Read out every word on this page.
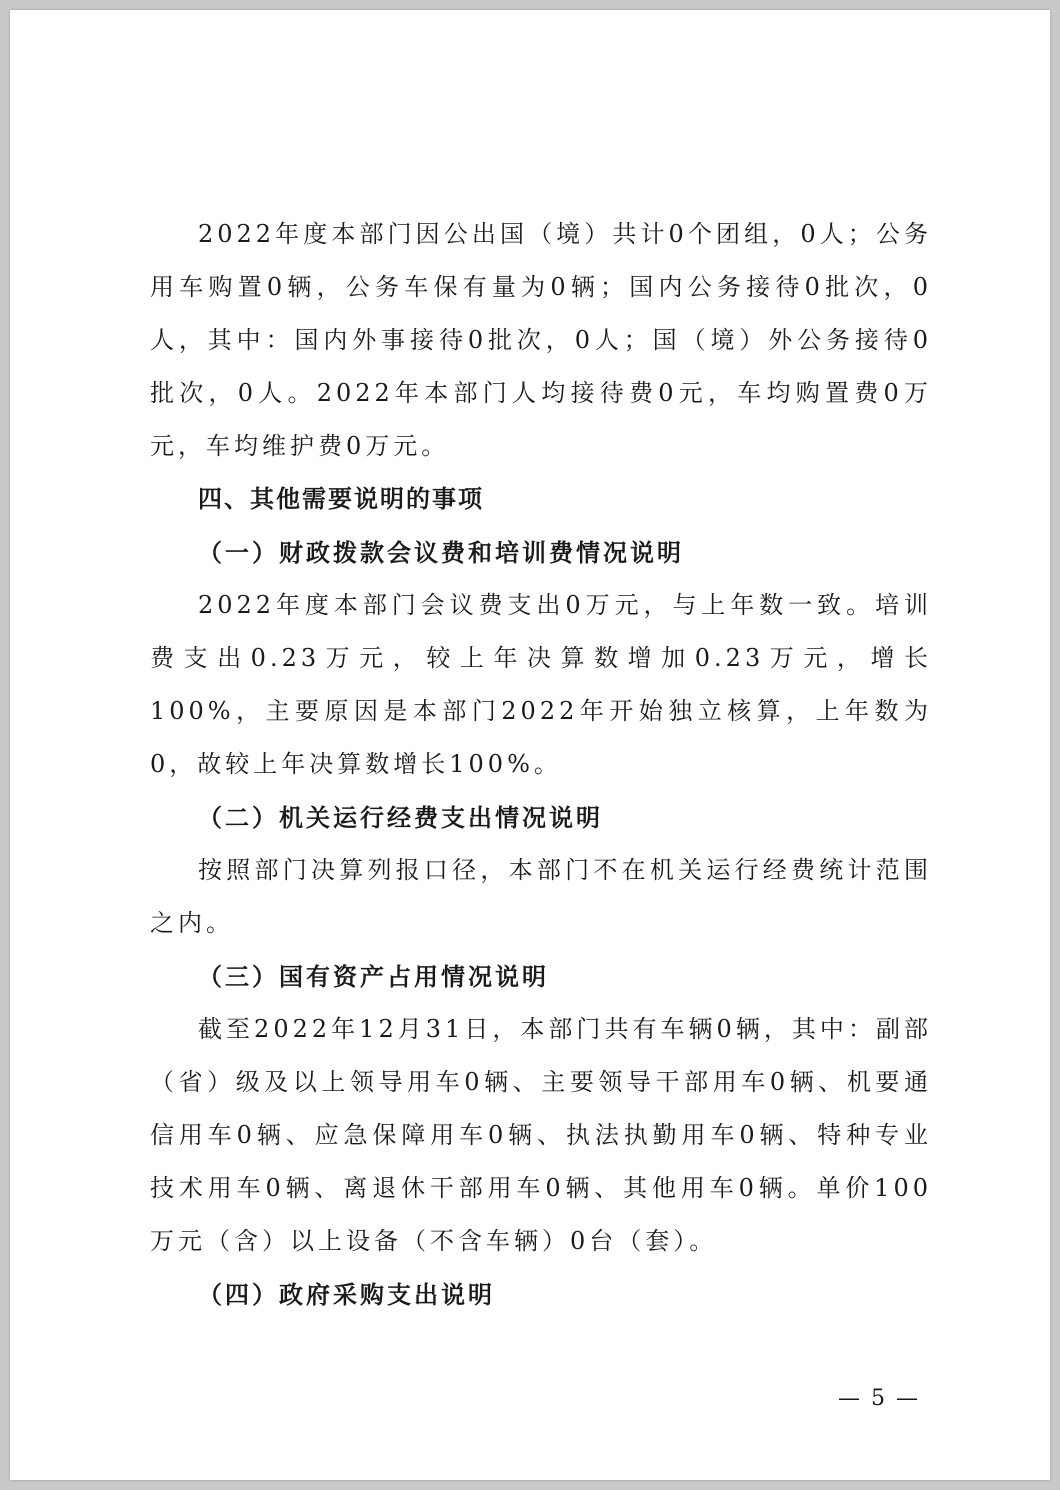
2022年度本部门因公出国（境）共计0个团组，0人；公务用车购置0辆，公务车保有量为0辆；国内公务接待0批次，0人，其中：国内外事接待0批次，0人；国（境）外公务接待0批次，0人。2022年本部门人均接待费0元，车均购置费0万元，车均维护费0万元。

四、其他需要说明的事项

（一）财政拨款会议费和培训费情况说明

2022年度本部门会议费支出0万元，与上年数一致。培训费支出0.23万元，较上年决算数增加0.23万元，增长100%，主要原因是本部门2022年开始独立核算，上年数为0，故较上年决算数增长100%。

（二）机关运行经费支出情况说明

按照部门决算列报口径，本部门不在机关运行经费统计范围之内。

（三）国有资产占用情况说明

截至2022年12月31日，本部门共有车辆0辆，其中：副部（省）级及以上领导用车0辆、主要领导干部用车0辆、机要通信用车0辆、应急保障用车0辆、执法执勤用车0辆、特种专业技术用车0辆、离退休干部用车0辆、其他用车0辆。单价100万元（含）以上设备（不含车辆）0台（套）。

（四）政府采购支出说明

— 5 —
